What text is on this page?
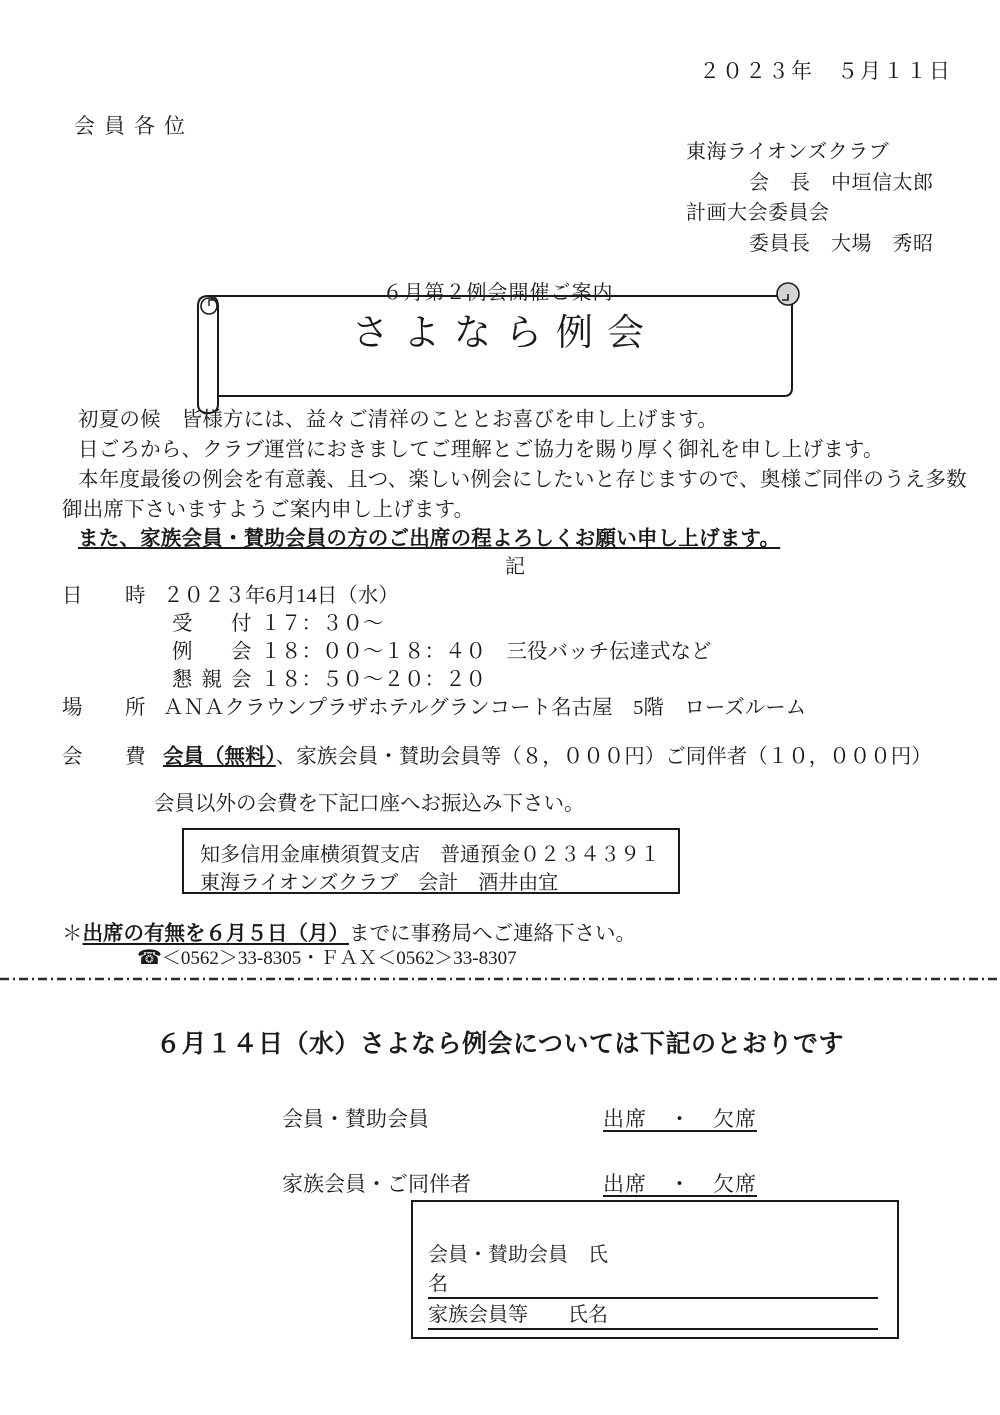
２０２３年　５月１１日
会員各位
東海ライオンズクラブ
会　長　中垣信太郎
計画大会委員会
委員長　大場　秀昭

６月第２例会開催ご案内

さよなら例会

初夏の候　皆様方には、益々ご清祥のこととお喜びを申し上げます。
日ごろから、クラブ運営におきましてご理解とご協力を賜り厚く御礼を申し上げます。
本年度最後の例会を有意義、且つ、楽しい例会にしたいと存じますので、奥様ご同伴のうえ多数
御出席下さいますようご案内申し上げます。
また、家族会員・賛助会員の方のご出席の程よろしくお願い申し上げます。
記
日　時 ２０２３年6月14日（水）
受　付１７：３０〜
例　会１８：００〜１８：４０　三役バッチ伝達式など
懇親会１８：５０〜２０：２０
場　所 ＡＮＡクラウンプラザホテルグランコート名古屋　5階　ローズルーム
会　費 会員（無料）、家族会員・賛助会員等（８，０００円）ご同伴者（１０，０００円）
会員以外の会費を下記口座へお振込み下さい。
知多信用金庫横須賀支店　普通預金０２３４３９１
東海ライオンズクラブ　会計　酒井由宜
＊出席の有無を６月５日（月）までに事務局へご連絡下さい。
☎＜0562＞33-8305・ＦＡＸ＜0562＞33-8307
６月１４日（水）さよなら例会については下記のとおりです
会員・賛助会員	出席　・　欠席
家族会員・ご同伴者	出席　・　欠席
会員・賛助会員　氏名
家族会員等　　氏名
